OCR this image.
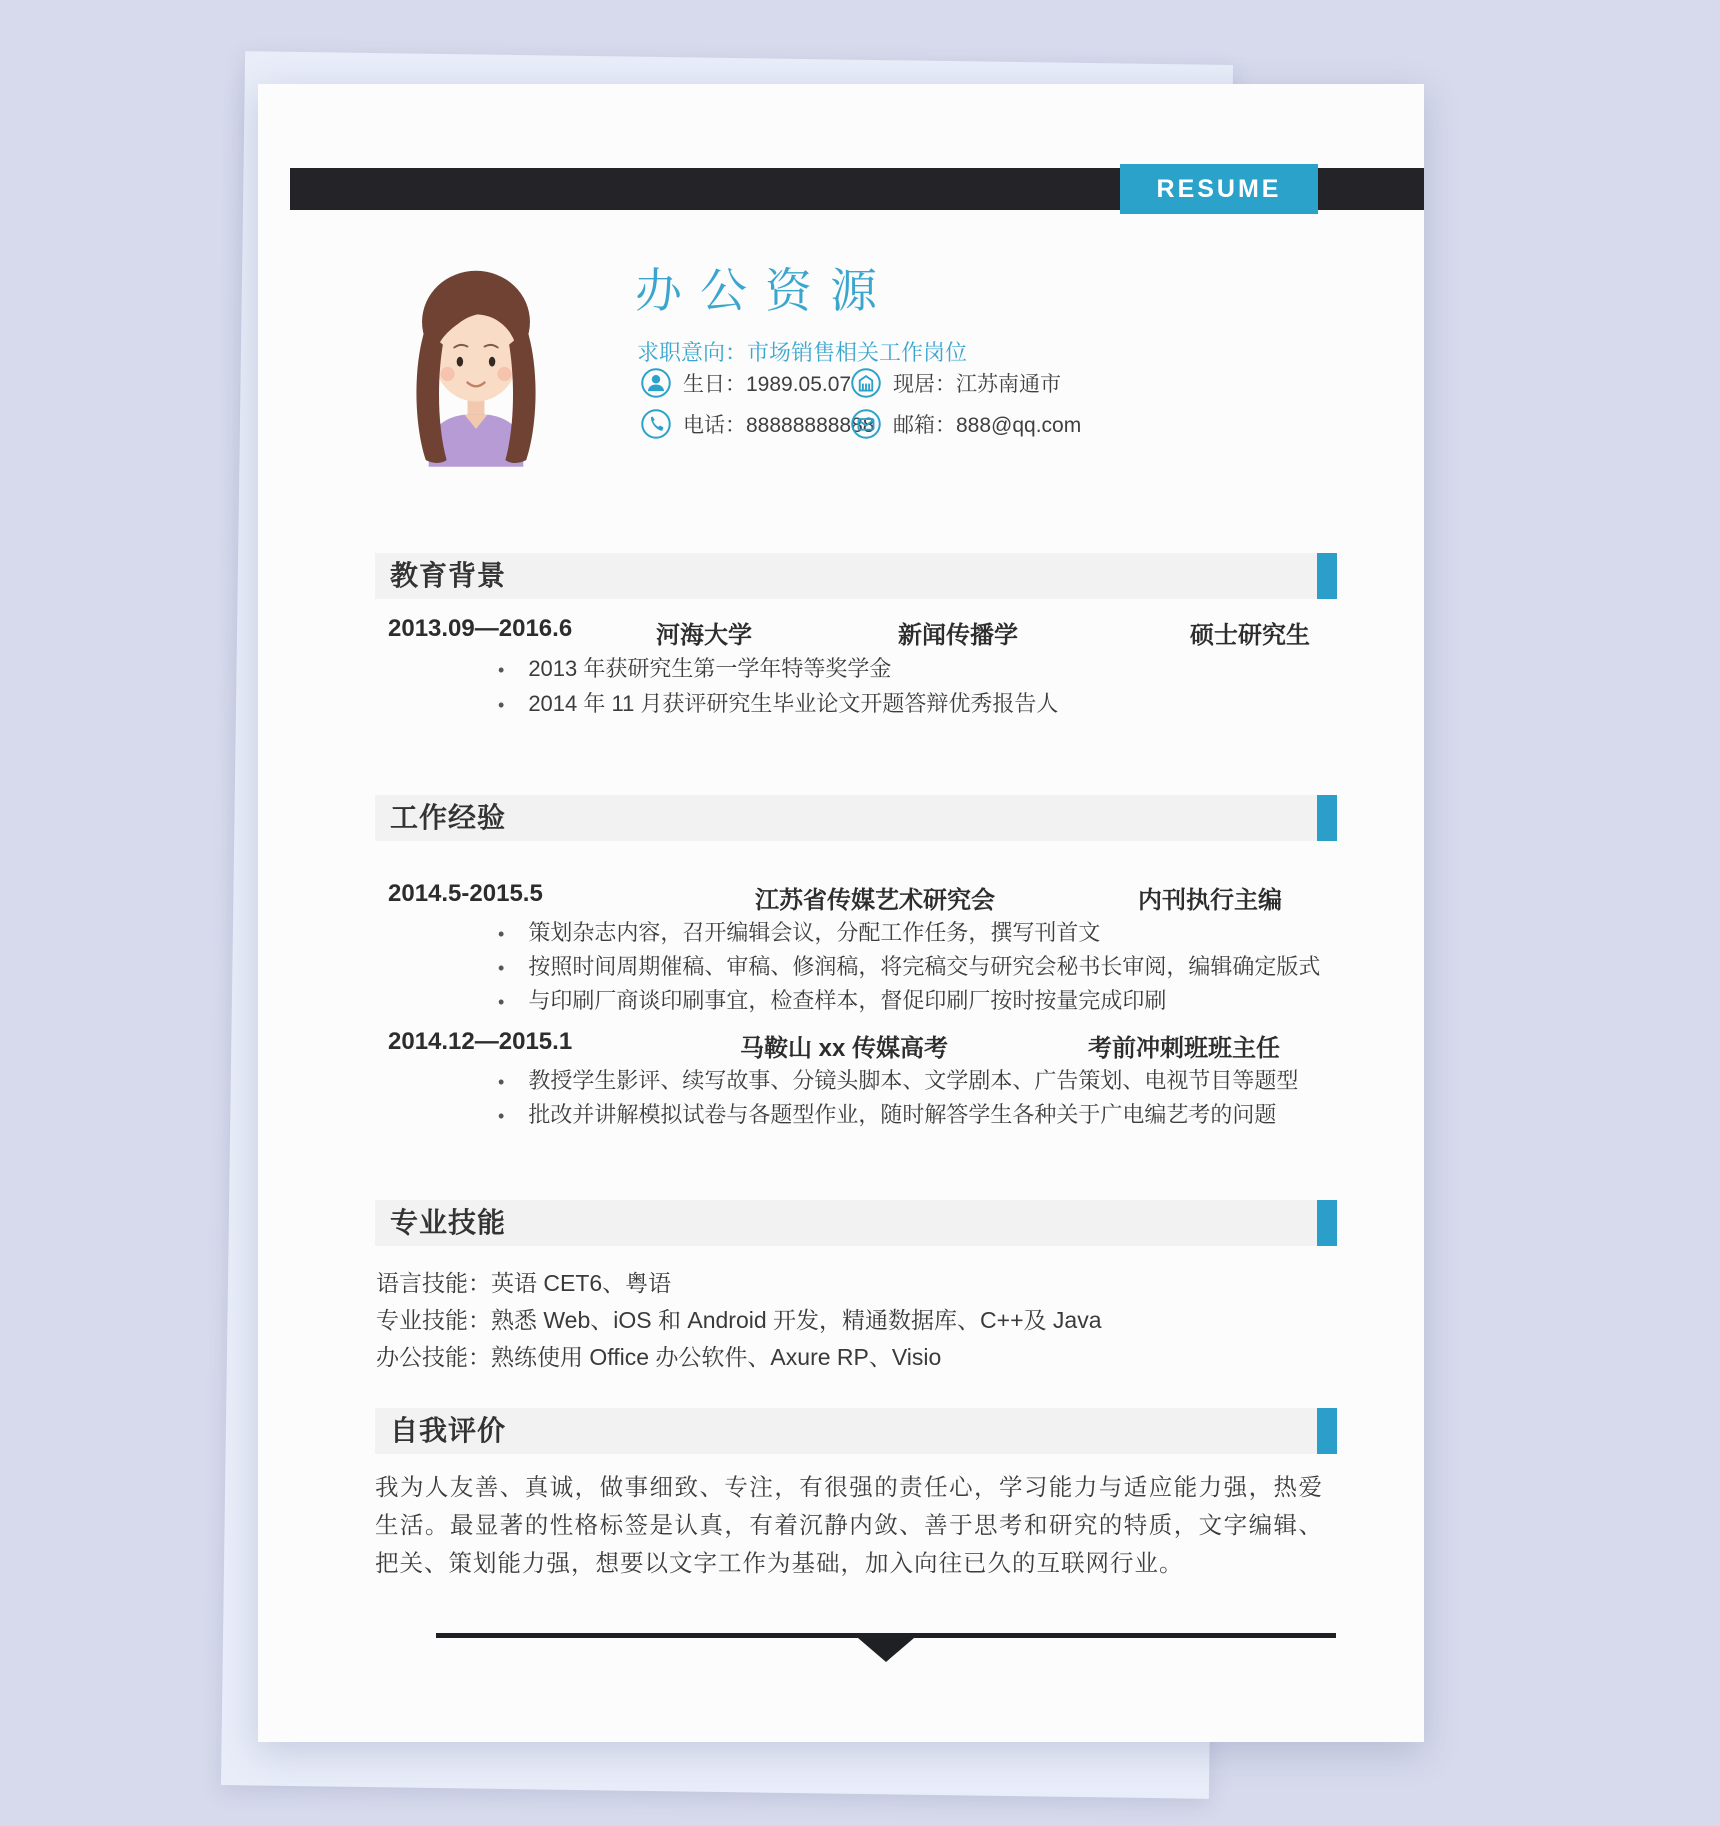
RESUME
办公资源
求职意向：市场销售相关工作岗位
生日：1989.05.07	现居：江苏南通市
电话：88888888888 邮箱：888@qq.com
教育背景
2013.09—2016.6	河海大学	新闻传播学	硕士研究生
• 2013 年获研究生第一学年特等奖学金
• 2014 年 11 月获评研究生毕业论文开题答辩优秀报告人
工作经验
2014.5-2015.5	江苏省传媒艺术研究会	内刊执行主编
• 策划杂志内容，召开编辑会议，分配工作任务，撰写刊首文
• 按照时间周期催稿、审稿、修润稿，将完稿交与研究会秘书长审阅，编辑确定版式
• 与印刷厂商谈印刷事宜，检查样本，督促印刷厂按时按量完成印刷
2014.12—2015.1	马鞍山 xx 传媒高考	考前冲刺班班主任
• 教授学生影评、续写故事、分镜头脚本、文学剧本、广告策划、电视节目等题型
• 批改并讲解模拟试卷与各题型作业，随时解答学生各种关于广电编艺考的问题
专业技能
语言技能：英语 CET6、粤语
专业技能：熟悉 Web、iOS 和 Android 开发，精通数据库、C++及 Java
办公技能：熟练使用 Office 办公软件、Axure RP、Visio
自我评价
我为人友善、真诚，做事细致、专注，有很强的责任心，学习能力与适应能力强，热爱生活。最显著的性格标签是认真，有着沉静内敛、善于思考和研究的特质，文字编辑、把关、策划能力强，想要以文字工作为基础，加入向往已久的互联网行业。
